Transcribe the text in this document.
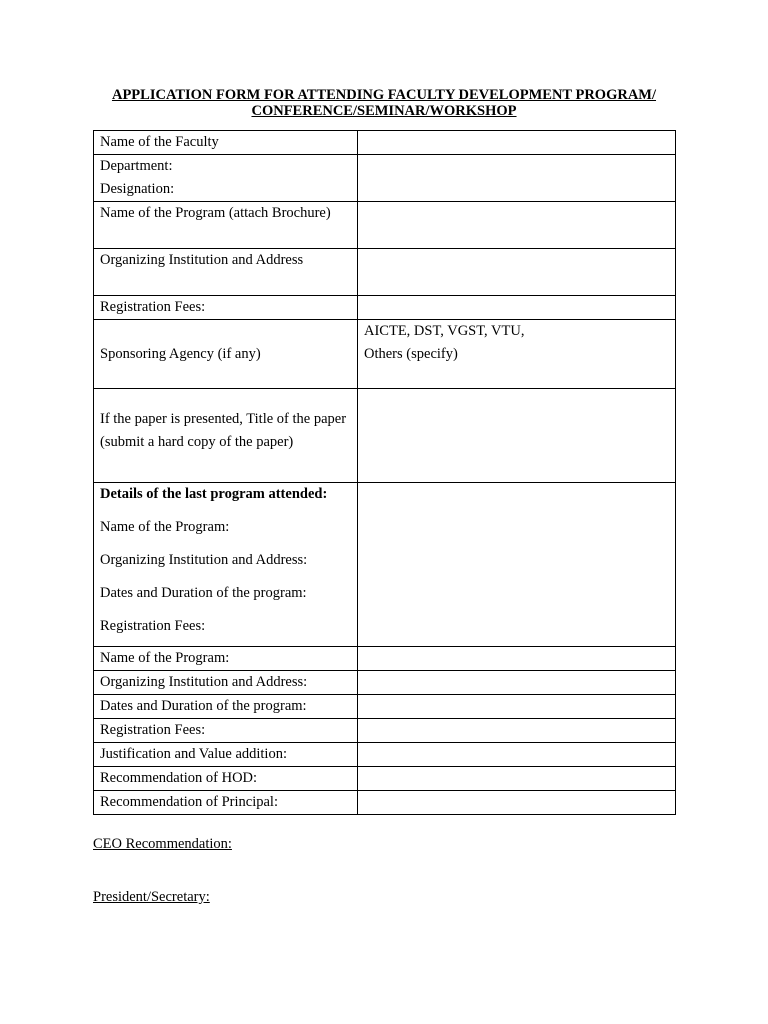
APPLICATION FORM FOR ATTENDING FACULTY DEVELOPMENT PROGRAM/
CONFERENCE/SEMINAR/WORKSHOP
Name of the Faculty	

Department:
Designation:	

Name of the Program (attach Brochure)	
Organizing Institution and Address	
Registration Fees:	

Sponsoring Agency (if any)	AICTE, DST, VGST, VTU,
Others (specify)

If the paper is presented, Title of the paper
(submit a hard copy of the paper)	

Details of the last program attended:
Name of the Program:
Organizing Institution and Address:
Dates and Duration of the program:
Registration Fees:	

Name of the Program:	
Organizing Institution and Address:	
Dates and Duration of the program:	
Registration Fees:	
Justification and Value addition:	
Recommendation of HOD:	
Recommendation of Principal:	
CEO Recommendation:
President/Secretary:
